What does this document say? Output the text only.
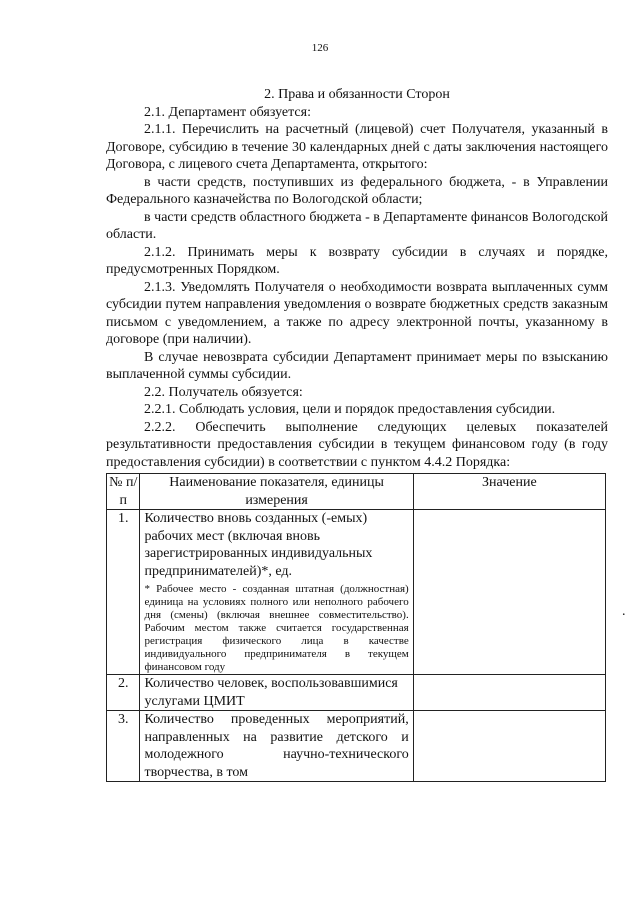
126
2. Права и обязанности Сторон

2.1. Департамент обязуется:

2.1.1. Перечислить на расчетный (лицевой) счет Получателя, указанный в Договоре, субсидию в течение 30 календарных дней с даты заключения настоящего Договора, с лицевого счета Департамента, открытого:

в части средств, поступивших из федерального бюджета, - в Управлении Федерального казначейства по Вологодской области;

в части средств областного бюджета - в Департаменте финансов Вологодской области.

2.1.2. Принимать меры к возврату субсидии в случаях и порядке, предусмотренных Порядком.

2.1.3. Уведомлять Получателя о необходимости возврата выплаченных сумм субсидии путем направления уведомления о возврате бюджетных средств заказным письмом с уведомлением, а также по адресу электронной почты, указанному в договоре (при наличии).

В случае невозврата субсидии Департамент принимает меры по взысканию выплаченной суммы субсидии.

2.2. Получатель обязуется:

2.2.1. Соблюдать условия, цели и порядок предоставления субсидии.

2.2.2. Обеспечить выполнение следующих целевых показателей результативности предоставления субсидии в текущем финансовом году (в году предоставления субсидии) в соответствии с пунктом 4.4.2 Порядка:

№ п/п	Наименование показателя, единицы измерения	Значение
1.	Количество вновь созданных (-емых) рабочих мест (включая вновь зарегистрированных индивидуальных предпринимателей)*, ед.
* Рабочее место - созданная штатная (должностная) единица на условиях полного или неполного рабочего дня (смены) (включая внешнее совместительство). Рабочим местом также считается государственная регистрация физического лица в качестве индивидуального предпринимателя в текущем финансовом году	

2.	Количество человек, воспользовавшимися услугами ЦМИТ	
3.	Количество проведенных мероприятий, направленных на развитие детского и молодежного научно-технического творчества, в том	
.
